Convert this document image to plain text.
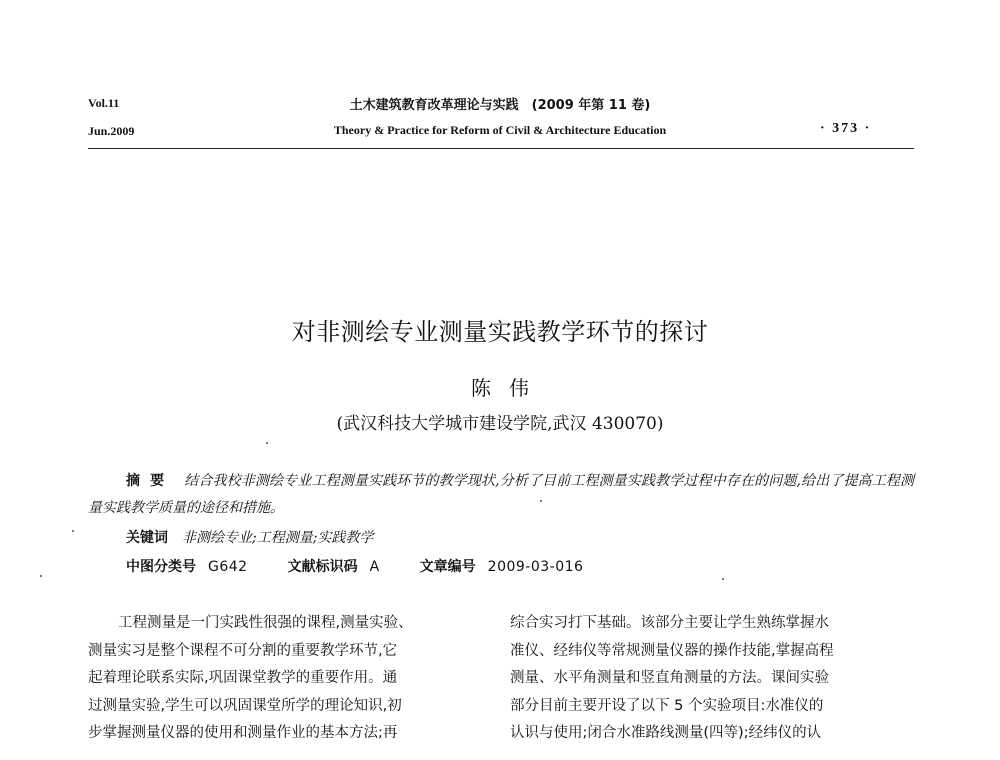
Vol.11
Jun.2009
土木建筑教育改革理论与实践　(2009 年第 11 卷)
Theory & Practice for Reform of Civil & Architecture Education	· 373 ·
对非测绘专业测量实践教学环节的探讨
陈伟
(武汉科技大学城市建设学院,武汉 430070)
摘要 结合我校非测绘专业工程测量实践环节的教学现状,分析了目前工程测量实践教学过程中存在的问题,给出了提高工程测量实践教学质量的途径和措施。
关键词 非测绘专业;工程测量;实践教学
中图分类号 G642	文献标识码 A	文章编号 2009-03-016
工程测量是一门实践性很强的课程,测量实验、
测量实习是整个课程不可分割的重要教学环节,它
起着理论联系实际,巩固课堂教学的重要作用。通
过测量实验,学生可以巩固课堂所学的理论知识,初
步掌握测量仪器的使用和测量作业的基本方法;再
综合实习打下基础。该部分主要让学生熟练掌握水
准仪、经纬仪等常规测量仪器的操作技能,掌握高程
测量、水平角测量和竖直角测量的方法。课间实验
部分目前主要开设了以下 5 个实验项目:水准仪的
认识与使用;闭合水准路线测量(四等);经纬仪的认
